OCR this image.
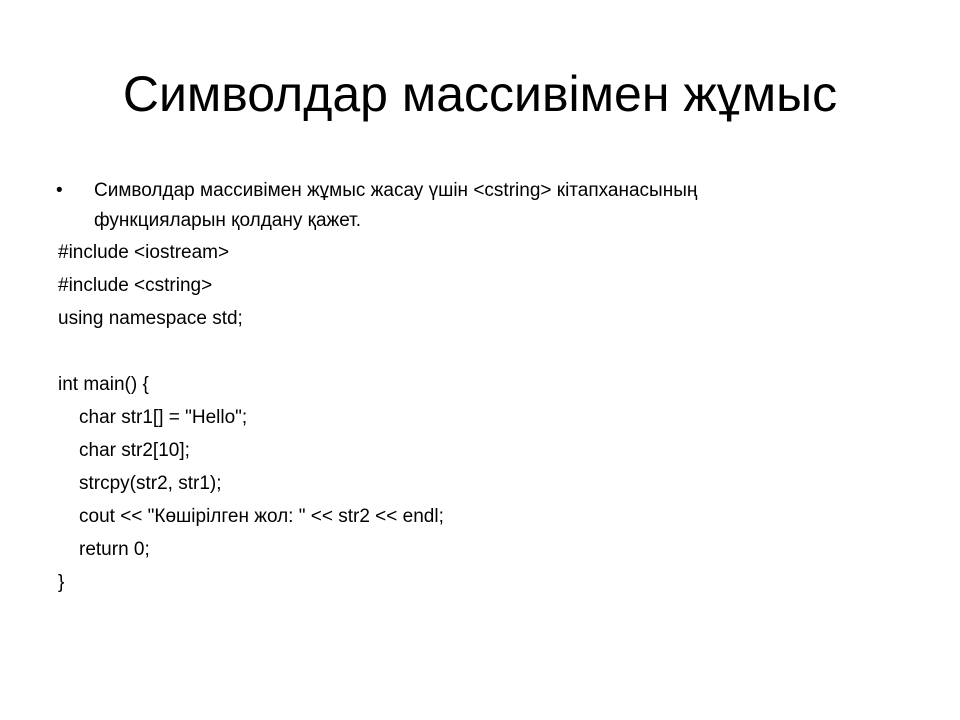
Символдар массивімен жұмыс
• Символдар массивімен жұмыс жасау үшін <cstring> кітапханасының
функцияларын қолдану қажет.
#include <iostream>
#include <cstring>
using namespace std;
int main() {
char str1[] = "Hello";
char str2[10];
strcpy(str2, str1);
cout << "Көшірілген жол: " << str2 << endl;
return 0;
}
